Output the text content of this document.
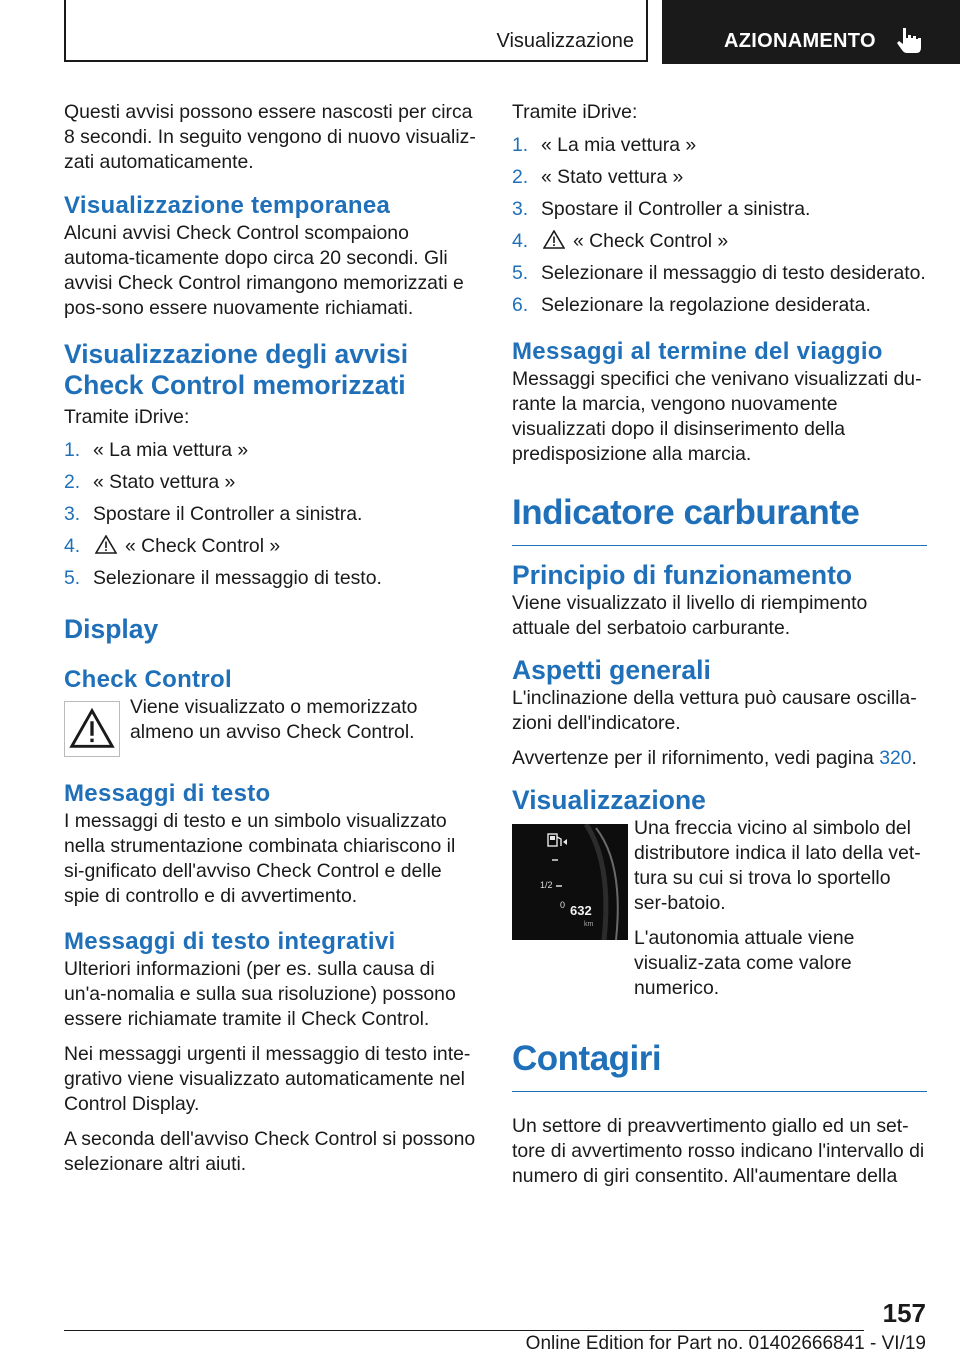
Visualizzazione	AZIONAMENTO

Questi avvisi possono essere nascosti per circa 8 secondi. In seguito vengono di nuovo visualiz-zati automaticamente.

Visualizzazione temporanea

Alcuni avvisi Check Control scompaiono automa-ticamente dopo circa 20 secondi. Gli avvisi Check Control rimangono memorizzati e pos-sono essere nuovamente richiamati.

Visualizzazione degli avvisi Check Control memorizzati

Tramite iDrive:

1. « La mia vettura »
2. « Stato vettura »
3. Spostare il Controller a sinistra.
4. « Check Control »
5. Selezionare il messaggio di testo.
Display
Check Control

Viene visualizzato o memorizzato almeno un avviso Check Control.

Messaggi di testo

I messaggi di testo e un simbolo visualizzato nella strumentazione combinata chiariscono il si-gnificato dell'avviso Check Control e delle spie di controllo e di avvertimento.

Messaggi di testo integrativi

Ulteriori informazioni (per es. sulla causa di un'a-nomalia e sulla sua risoluzione) possono essere richiamate tramite il Check Control.

Nei messaggi urgenti il messaggio di testo inte-grativo viene visualizzato automaticamente nel Control Display.

A seconda dell'avviso Check Control si possono selezionare altri aiuti.

Tramite iDrive:

1. « La mia vettura »
2. « Stato vettura »
3. Spostare il Controller a sinistra.
4. « Check Control »
5. Selezionare il messaggio di testo desiderato.
6. Selezionare la regolazione desiderata.
Messaggi al termine del viaggio

Messaggi specifici che venivano visualizzati du-rante la marcia, vengono nuovamente visualizzati dopo il disinserimento della predisposizione alla marcia.

Indicatore carburante
Principio di funzionamento

Viene visualizzato il livello di riempimento attuale del serbatoio carburante.

Aspetti generali

L'inclinazione della vettura può causare oscilla-zioni dell'indicatore.

Avvertenze per il rifornimento, vedi pagina 320.

Visualizzazione
1/2
0 632
km

Una freccia vicino al simbolo del distributore indica il lato della vet-tura su cui si trova lo sportello ser-batoio.

L'autonomia attuale viene visualiz-zata come valore numerico.

Contagiri

Un settore di preavvertimento giallo ed un set-tore di avvertimento rosso indicano l'intervallo di numero di giri consentito. All'aumentare della

157
Online Edition for Part no. 01402666841 - VI/19
